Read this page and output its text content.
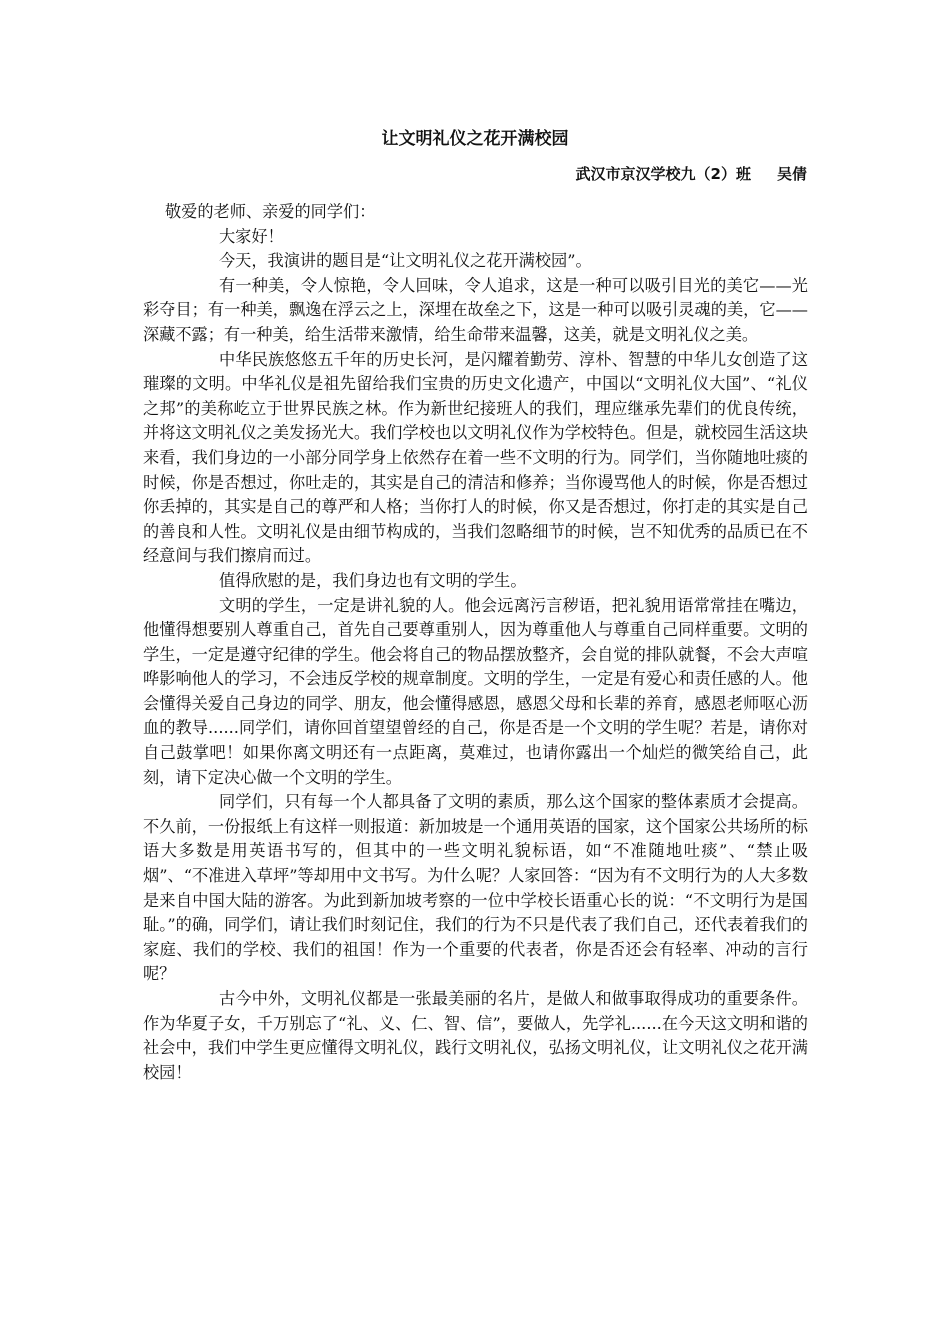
让文明礼仪之花开满校园
武汉市京汉学校九（2）班 吴倩

敬爱的老师、亲爱的同学们：

大家好！

今天，我演讲的题目是“让文明礼仪之花开满校园”。

有一种美，令人惊艳，令人回味，令人追求，这是一种可以吸引目光的美它——光彩夺目；有一种美，飘逸在浮云之上，深埋在故垒之下，这是一种可以吸引灵魂的美，它——深藏不露；有一种美，给生活带来激情，给生命带来温馨，这美，就是文明礼仪之美。

中华民族悠悠五千年的历史长河，是闪耀着勤劳、淳朴、智慧的中华儿女创造了这璀璨的文明。中华礼仪是祖先留给我们宝贵的历史文化遗产，中国以“文明礼仪大国”、“礼仪之邦”的美称屹立于世界民族之林。作为新世纪接班人的我们，理应继承先辈们的优良传统，并将这文明礼仪之美发扬光大。我们学校也以文明礼仪作为学校特色。但是，就校园生活这块来看，我们身边的一小部分同学身上依然存在着一些不文明的行为。同学们，当你随地吐痰的时候，你是否想过，你吐走的，其实是自己的清洁和修养；当你谩骂他人的时候，你是否想过你丢掉的，其实是自己的尊严和人格；当你打人的时候，你又是否想过，你打走的其实是自己的善良和人性。文明礼仪是由细节构成的，当我们忽略细节的时候，岂不知优秀的品质已在不经意间与我们擦肩而过。

值得欣慰的是，我们身边也有文明的学生。

文明的学生，一定是讲礼貌的人。他会远离污言秽语，把礼貌用语常常挂在嘴边，他懂得想要别人尊重自己，首先自己要尊重别人，因为尊重他人与尊重自己同样重要。文明的学生，一定是遵守纪律的学生。他会将自己的物品摆放整齐，会自觉的排队就餐，不会大声喧哗影响他人的学习，不会违反学校的规章制度。文明的学生，一定是有爱心和责任感的人。他会懂得关爱自己身边的同学、朋友，他会懂得感恩，感恩父母和长辈的养育，感恩老师呕心沥血的教导......同学们，请你回首望望曾经的自己，你是否是一个文明的学生呢？若是，请你对自己鼓掌吧！如果你离文明还有一点距离，莫难过，也请你露出一个灿烂的微笑给自己，此刻，请下定决心做一个文明的学生。

同学们，只有每一个人都具备了文明的素质，那么这个国家的整体素质才会提高。不久前，一份报纸上有这样一则报道：新加坡是一个通用英语的国家，这个国家公共场所的标语大多数是用英语书写的，但其中的一些文明礼貌标语，如“不准随地吐痰”、“禁止吸烟”、“不准进入草坪”等却用中文书写。为什么呢？人家回答：“因为有不文明行为的人大多数是来自中国大陆的游客。为此到新加坡考察的一位中学校长语重心长的说：“不文明行为是国耻。”的确，同学们，请让我们时刻记住，我们的行为不只是代表了我们自己，还代表着我们的家庭、我们的学校、我们的祖国！作为一个重要的代表者，你是否还会有轻率、冲动的言行呢？

古今中外，文明礼仪都是一张最美丽的名片，是做人和做事取得成功的重要条件。作为华夏子女，千万别忘了“礼、义、仁、智、信”，要做人，先学礼......在今天这文明和谐的社会中，我们中学生更应懂得文明礼仪，践行文明礼仪，弘扬文明礼仪，让文明礼仪之花开满校园！
